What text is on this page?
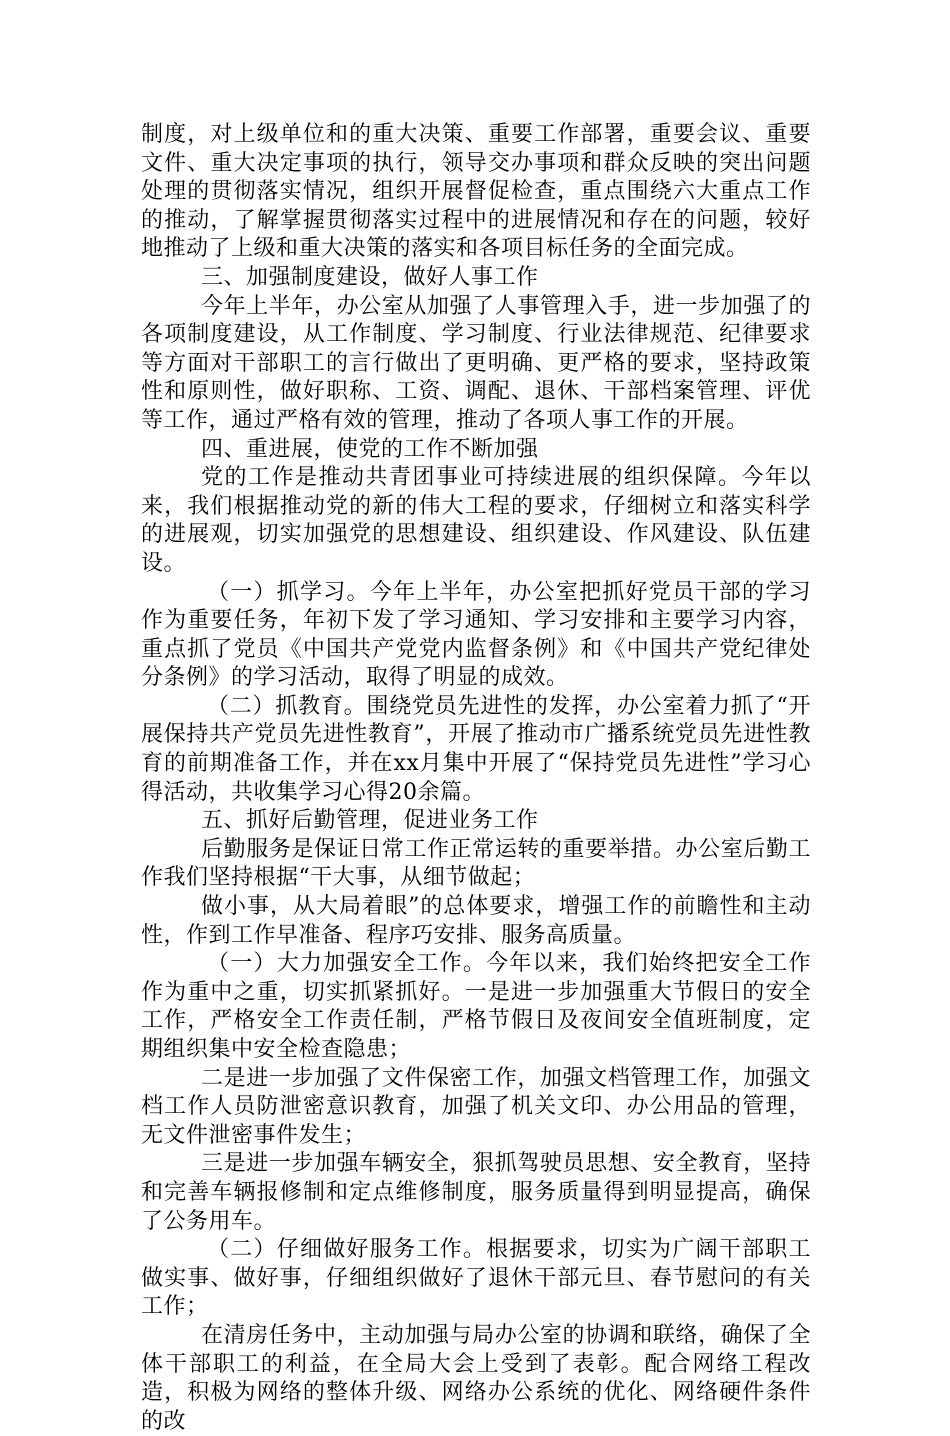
制度，对上级单位和的重大决策、重要工作部署，重要会议、重要文件、重大决定事项的执行，领导交办事项和群众反映的突出问题处理的贯彻落实情况，组织开展督促检查，重点围绕六大重点工作的推动，了解掌握贯彻落实过程中的进展情况和存在的问题，较好地推动了上级和重大决策的落实和各项目标任务的全面完成。

三、加强制度建设，做好人事工作

今年上半年，办公室从加强了人事管理入手，进一步加强了的各项制度建设，从工作制度、学习制度、行业法律规范、纪律要求等方面对干部职工的言行做出了更明确、更严格的要求，坚持政策性和原则性，做好职称、工资、调配、退休、干部档案管理、评优等工作，通过严格有效的管理，推动了各项人事工作的开展。

四、重进展，使党的工作不断加强

党的工作是推动共青团事业可持续进展的组织保障。今年以来，我们根据推动党的新的伟大工程的要求，仔细树立和落实科学的进展观，切实加强党的思想建设、组织建设、作风建设、队伍建设。

（一）抓学习。今年上半年，办公室把抓好党员干部的学习作为重要任务，年初下发了学习通知、学习安排和主要学习内容，重点抓了党员《中国共产党党内监督条例》和《中国共产党纪律处分条例》的学习活动，取得了明显的成效。

（二）抓教育。围绕党员先进性的发挥，办公室着力抓了“开展保持共产党员先进性教育”，开展了推动市广播系统党员先进性教育的前期准备工作，并在xx月集中开展了“保持党员先进性”学习心得活动，共收集学习心得20余篇。

五、抓好后勤管理，促进业务工作

后勤服务是保证日常工作正常运转的重要举措。办公室后勤工作我们坚持根据“干大事，从细节做起；

做小事，从大局着眼”的总体要求，增强工作的前瞻性和主动性，作到工作早准备、程序巧安排、服务高质量。

（一）大力加强安全工作。今年以来，我们始终把安全工作作为重中之重，切实抓紧抓好。一是进一步加强重大节假日的安全工作，严格安全工作责任制，严格节假日及夜间安全值班制度，定期组织集中安全检查隐患；

二是进一步加强了文件保密工作，加强文档管理工作，加强文档工作人员防泄密意识教育，加强了机关文印、办公用品的管理，无文件泄密事件发生；

三是进一步加强车辆安全，狠抓驾驶员思想、安全教育，坚持和完善车辆报修制和定点维修制度，服务质量得到明显提高，确保了公务用车。

（二）仔细做好服务工作。根据要求，切实为广阔干部职工做实事、做好事，仔细组织做好了退休干部元旦、春节慰问的有关工作；

在清房任务中，主动加强与局办公室的协调和联络，确保了全体干部职工的利益，在全局大会上受到了表彰。配合网络工程改造，积极为网络的整体升级、网络办公系统的优化、网络硬件条件的改
